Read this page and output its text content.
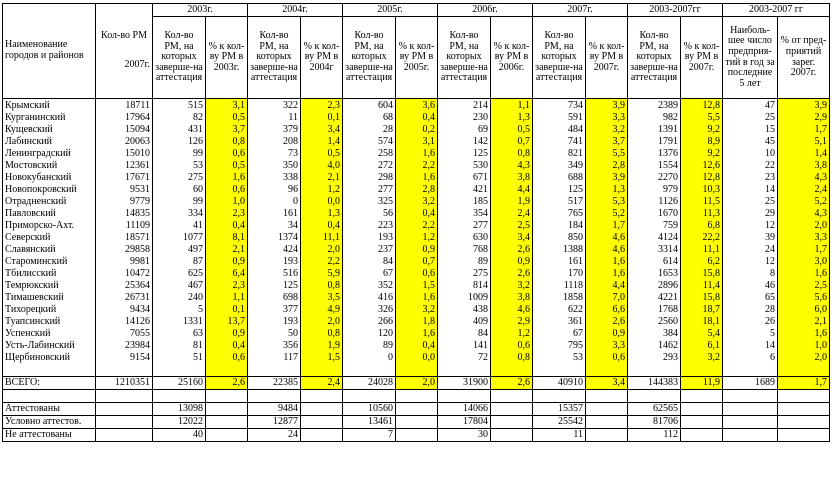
Наименование городов и районов	Кол-во РМ
2007г.	2003г.		2004г.		2005г.		2006г.		2007г.		2003-2007гг		2003-2007 гг	
		Кол-во РМ, на которых заверше-на аттестация	% к кол-ву РМ в 2003г.	Кол-во РМ, на которых заверше-на аттестация	% к кол-ву РМ в 2004г	Кол-во РМ, на которых заверше-на аттестация	% к кол-ву РМ в 2005г.	Кол-во РМ, на которых заверше-на аттестация	% к кол-ву РМ в 2006г.	Кол-во РМ, на которых заверше-на аттестация	% к кол-ву РМ в 2007г.	Кол-во РМ, на которых заверше-на аттестация	% к кол-ву РМ в 2007г.	Наиболь-шее число предприя-тий в год за последние 5 лет	% от пред-приятий зарег. 2007г.
Крымский	18711	515	3,1	322	2,3	604	3,6	214	1,1	734	3,9	2389	12,8	47	3,9
Курганинский	17964	82	0,5	11	0,1	68	0,4	230	1,3	591	3,3	982	5,5	25	2,9
Кущевский	15094	431	3,7	379	3,4	28	0,2	69	0,5	484	3,2	1391	9,2	15	1,7
Лабинский	20063	126	0,8	208	1,4	574	3,1	142	0,7	741	3,7	1791	8,9	45	5,1
Ленинградский	15010	99	0,6	73	0,5	258	1,6	125	0,8	821	5,5	1376	9,2	10	1,4
Мостовский	12361	53	0,5	350	4,0	272	2,2	530	4,3	349	2,8	1554	12,6	22	3,8
Новокубанский	17671	275	1,6	338	2,1	298	1,6	671	3,8	688	3,9	2270	12,8	23	4,3
Новопокровский	9531	60	0,6	96	1,2	277	2,8	421	4,4	125	1,3	979	10,3	14	2,4
Отрадненский	9779	99	1,0	0	0,0	325	3,2	185	1,9	517	5,3	1126	11,5	25	5,2
Павловский	14835	334	2,3	161	1,3	56	0,4	354	2,4	765	5,2	1670	11,3	29	4,3
Приморско-Ахт.	11109	41	0,4	34	0,4	223	2,2	277	2,5	184	1,7	759	6,8	12	2,0
Северский	18571	1077	8,1	1374	11,1	193	1,2	630	3,4	850	4,6	4124	22,2	39	3,3
Славянский	29858	497	2,1	424	2,0	237	0,9	768	2,6	1388	4,6	3314	11,1	24	1,7
Староминский	9981	87	0,9	193	2,2	84	0,7	89	0,9	161	1,6	614	6,2	12	3,0
Тбилисский	10472	625	6,4	516	5,9	67	0,6	275	2,6	170	1,6	1653	15,8	8	1,6
Темрюкский	25364	467	2,3	125	0,8	352	1,5	814	3,2	1118	4,4	2896	11,4	46	2,5
Тимашевский	26731	240	1,1	698	3,5	416	1,6	1009	3,8	1858	7,0	4221	15,8	65	5,6
Тихорецкий	9434	5	0,1	377	4,9	326	3,2	438	4,6	622	6,6	1768	18,7	28	6,0
Туапсинский	14126	1331	13,7	193	2,0	266	1,8	409	2,9	361	2,6	2560	18,1	26	2,1
Успенский	7055	63	0,9	50	0,8	120	1,6	84	1,2	67	0,9	384	5,4	5	1,6
Усть-Лабинский	23984	81	0,4	356	1,9	89	0,4	141	0,6	795	3,3	1462	6,1	14	1,0
Щербиновский	9154	51	0,6	117	1,5	0	0,0	72	0,8	53	0,6	293	3,2	6	2,0

ВСЕГО:	1210351	25160	2,6	22385	2,4	24028	2,0	31900	2,6	40910	3,4	144383	11,9	1689	1,7

Аттестованы		13098		9484		10560		14066		15357		62565			
Условно аттестов.		12022		12877		13461		17804		25542		81706			
Не аттестованы		40		24		7		30		11		112			
